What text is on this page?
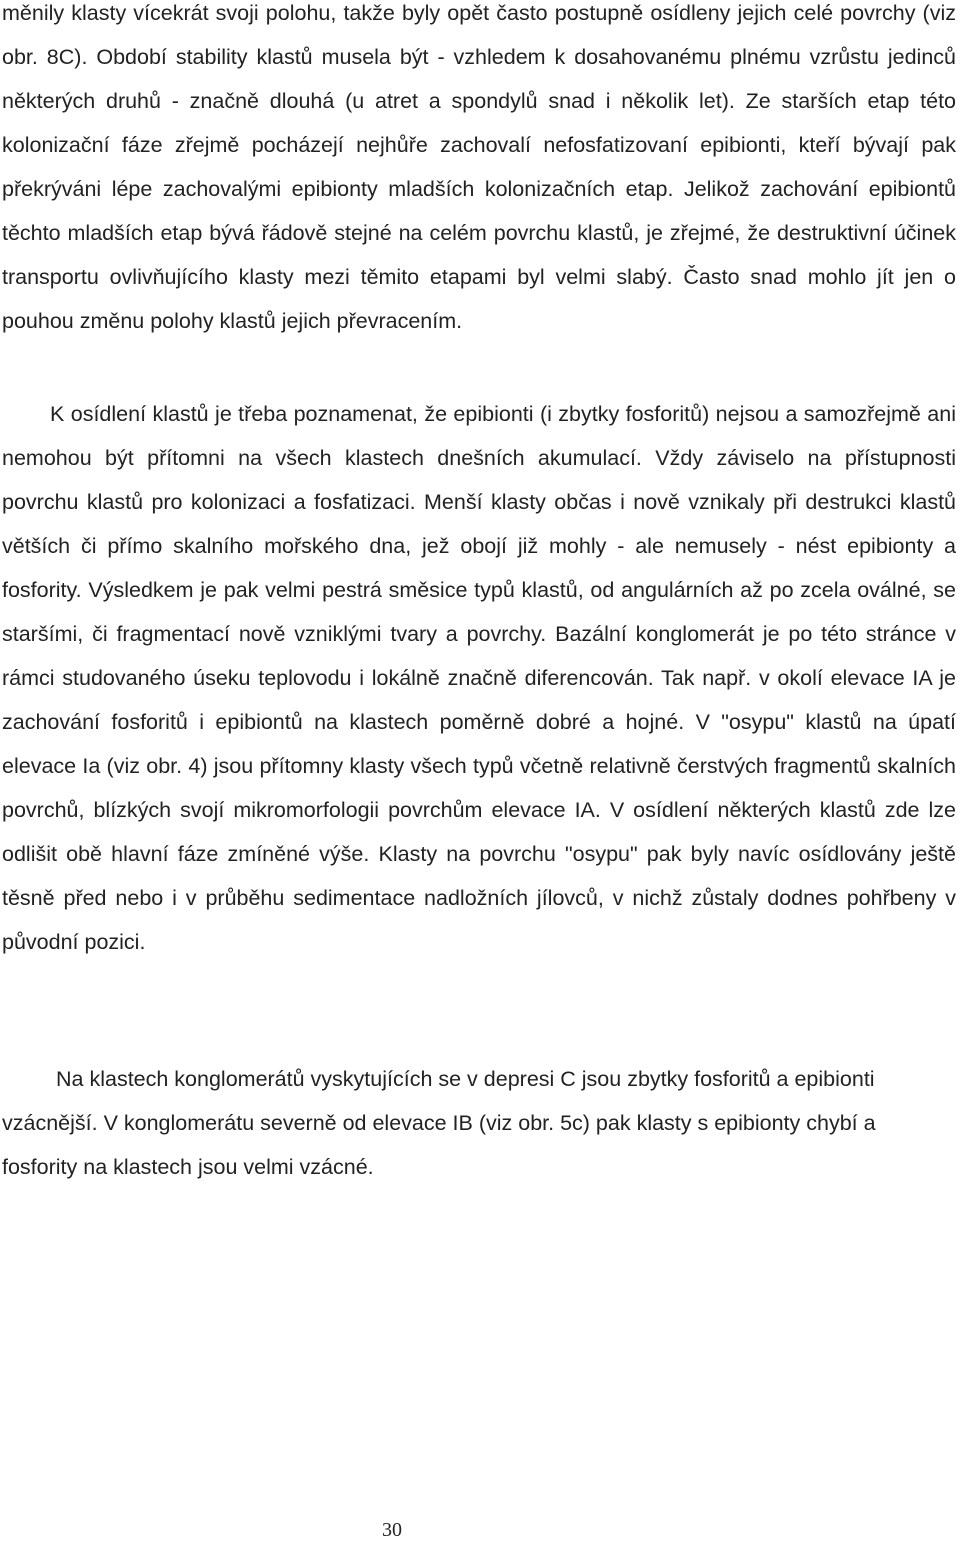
měnily klasty vícekrát svoji polohu, takže byly opět často postupně osídleny jejich celé povrchy (viz obr. 8C). Období stability klastů musela být - vzhledem k dosahovanému plnému vzrůstu jedinců některých druhů - značně dlouhá (u atret a spondylů snad i několik let). Ze starších etap této kolonizační fáze zřejmě pocházejí nejhůře zachovalí nefosfatizovaní epibionti, kteří bývají pak překrýváni lépe zachovalými epibionty mladších kolonizačních etap. Jelikož zachování epibiontů těchto mladších etap bývá řádově stejné na celém povrchu klastů, je zřejmé, že destruktivní účinek transportu ovlivňujícího klasty mezi těmito etapami byl velmi slabý. Často snad mohlo jít jen o pouhou změnu polohy klastů jejich převracením.

K osídlení klastů je třeba poznamenat, že epibionti (i zbytky fosforitů) nejsou a samozřejmě ani nemohou být přítomni na všech klastech dnešních akumulací. Vždy záviselo na přístupnosti povrchu klastů pro kolonizaci a fosfatizaci. Menší klasty občas i nově vznikaly při destrukci klastů větších či přímo skalního mořského dna, jež obojí již mohly - ale nemusely - nést epibionty a fosfority. Výsledkem je pak velmi pestrá směsice typů klastů, od angulárních až po zcela oválné, se staršími, či fragmentací nově vzniklými tvary a povrchy. Bazální konglomerát je po této stránce v rámci studovaného úseku teplovodu i lokálně značně diferencován. Tak např. v okolí elevace IA je zachování fosforitů i epibiontů na klastech poměrně dobré a hojné. V "osypu" klastů na úpatí elevace Ia (viz obr. 4) jsou přítomny klasty všech typů včetně relativně čerstvých fragmentů skalních povrchů, blízkých svojí mikromorfologii povrchům elevace IA. V osídlení některých klastů zde lze odlišit obě hlavní fáze zmíněné výše. Klasty na povrchu "osypu" pak byly navíc osídlovány ještě těsně před nebo i v průběhu sedimentace nadložních jílovců, v nichž zůstaly dodnes pohřbeny v původní pozici.

Na klastech konglomerátů vyskytujících se v depresi C jsou zbytky fosforitů a epibionti vzácnější. V konglomerátu severně od elevace IB (viz obr. 5c) pak klasty s epibionty chybí a fosfority na klastech jsou velmi vzácné.

30
